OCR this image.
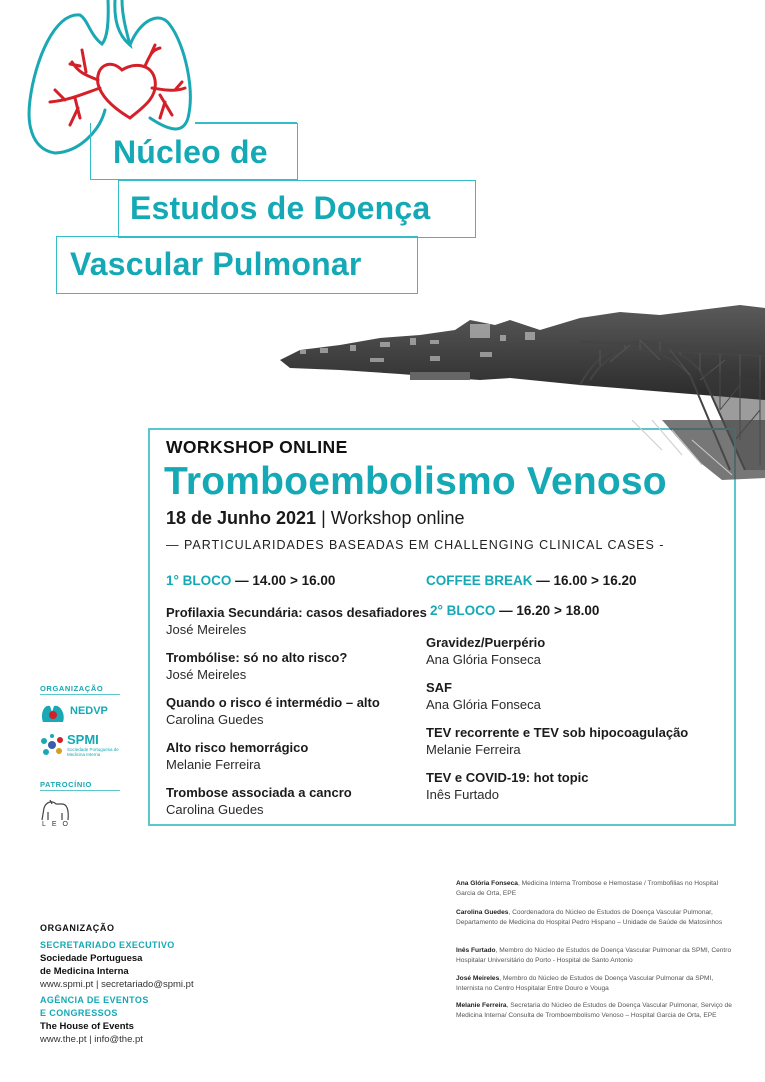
Núcleo de
Estudos de Doença
Vascular Pulmonar
WORKSHOP ONLINE
Tromboembolismo Venoso
18 de Junho 2021 | Workshop online
— PARTICULARIDADES BASEADAS EM CHALLENGING CLINICAL CASES -
1° BLOCO — 14.00 > 16.00
Profilaxia Secundária: casos desafiadores
José Meireles
Trombólise: só no alto risco?
José Meireles
Quando o risco é intermédio – alto
Carolina Guedes
Alto risco hemorrágico
Melanie Ferreira
Trombose associada a cancro
Carolina Guedes
COFFEE BREAK — 16.00 > 16.20
2° BLOCO — 16.20 > 18.00
Gravidez/Puerpério
Ana Glória Fonseca
SAF
Ana Glória Fonseca
TEV recorrente e TEV sob hipocoagulação
Melanie Ferreira
TEV e COVID-19: hot topic
Inês Furtado
ORGANIZAÇÃO
NEDVP
SPMI
Sociedade Portuguesa de Medicina Interna
PATROCÍNIO
LEO
ORGANIZAÇÃO
SECRETARIADO EXECUTIVO
Sociedade Portuguesa
de Medicina Interna
www.spmi.pt | secretariado@spmi.pt
AGÊNCIA DE EVENTOS
E CONGRESSOS
The House of Events
www.the.pt | info@the.pt
Ana Glória Fonseca, Medicina Interna Trombose e Hemostase / Trombofilias no Hospital Garcia de Orta, EPE
Carolina Guedes, Coordenadora do Núcleo de Estudos de Doença Vascular Pulmonar, Departamento de Medicina do Hospital Pedro Hispano – Unidade de Saúde de Matosinhos
Inês Furtado, Membro do Núcleo de Estudos de Doença Vascular Pulmonar da SPMI, Centro Hospitalar Universitário do Porto - Hospital de Santo Antonio
José Meireles, Membro do Núcleo de Estudos de Doença Vascular Pulmonar da SPMI, Internista no Centro Hospitalar Entre Douro e Vouga
Melanie Ferreira, Secretaria do Núcleo de Estudos de Doença Vascular Pulmonar, Serviço de Medicina Interna/ Consulta de Tromboembolismo Venoso – Hospital Garcia de Orta, EPE
